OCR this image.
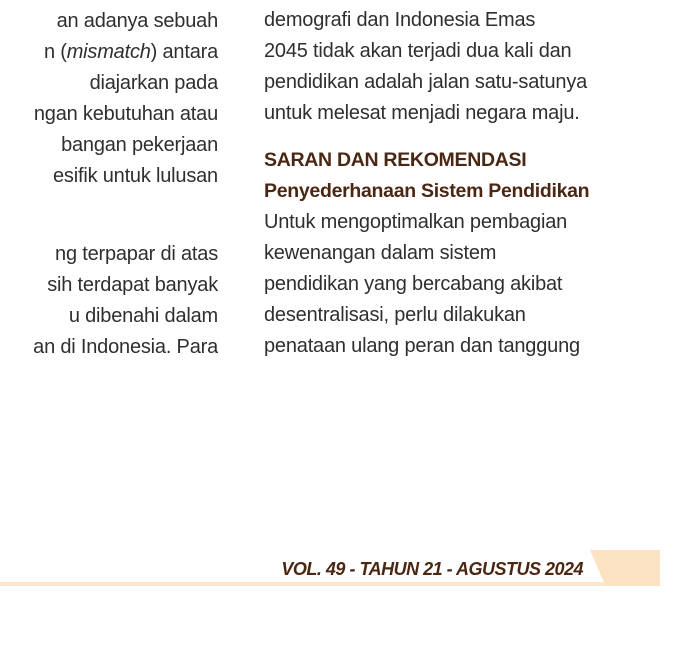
an adanya sebuah
n (mismatch) antara
diajarkan pada
ngan kebutuhan atau
bangan pekerjaan
esifik untuk lulusan
ng terpapar di atas
sih terdapat banyak
u dibenahi dalam
an di Indonesia. Para
demografi dan Indonesia Emas
2045 tidak akan terjadi dua kali dan
pendidikan adalah jalan satu-satunya
untuk melesat menjadi negara maju.
SARAN DAN REKOMENDASI
Penyederhanaan Sistem Pendidikan
Untuk mengoptimalkan pembagian
kewenangan dalam sistem
pendidikan yang bercabang akibat
desentralisasi, perlu dilakukan
penataan ulang peran dan tanggung
VOL. 49 - TAHUN 21 - AGUSTUS 2024
